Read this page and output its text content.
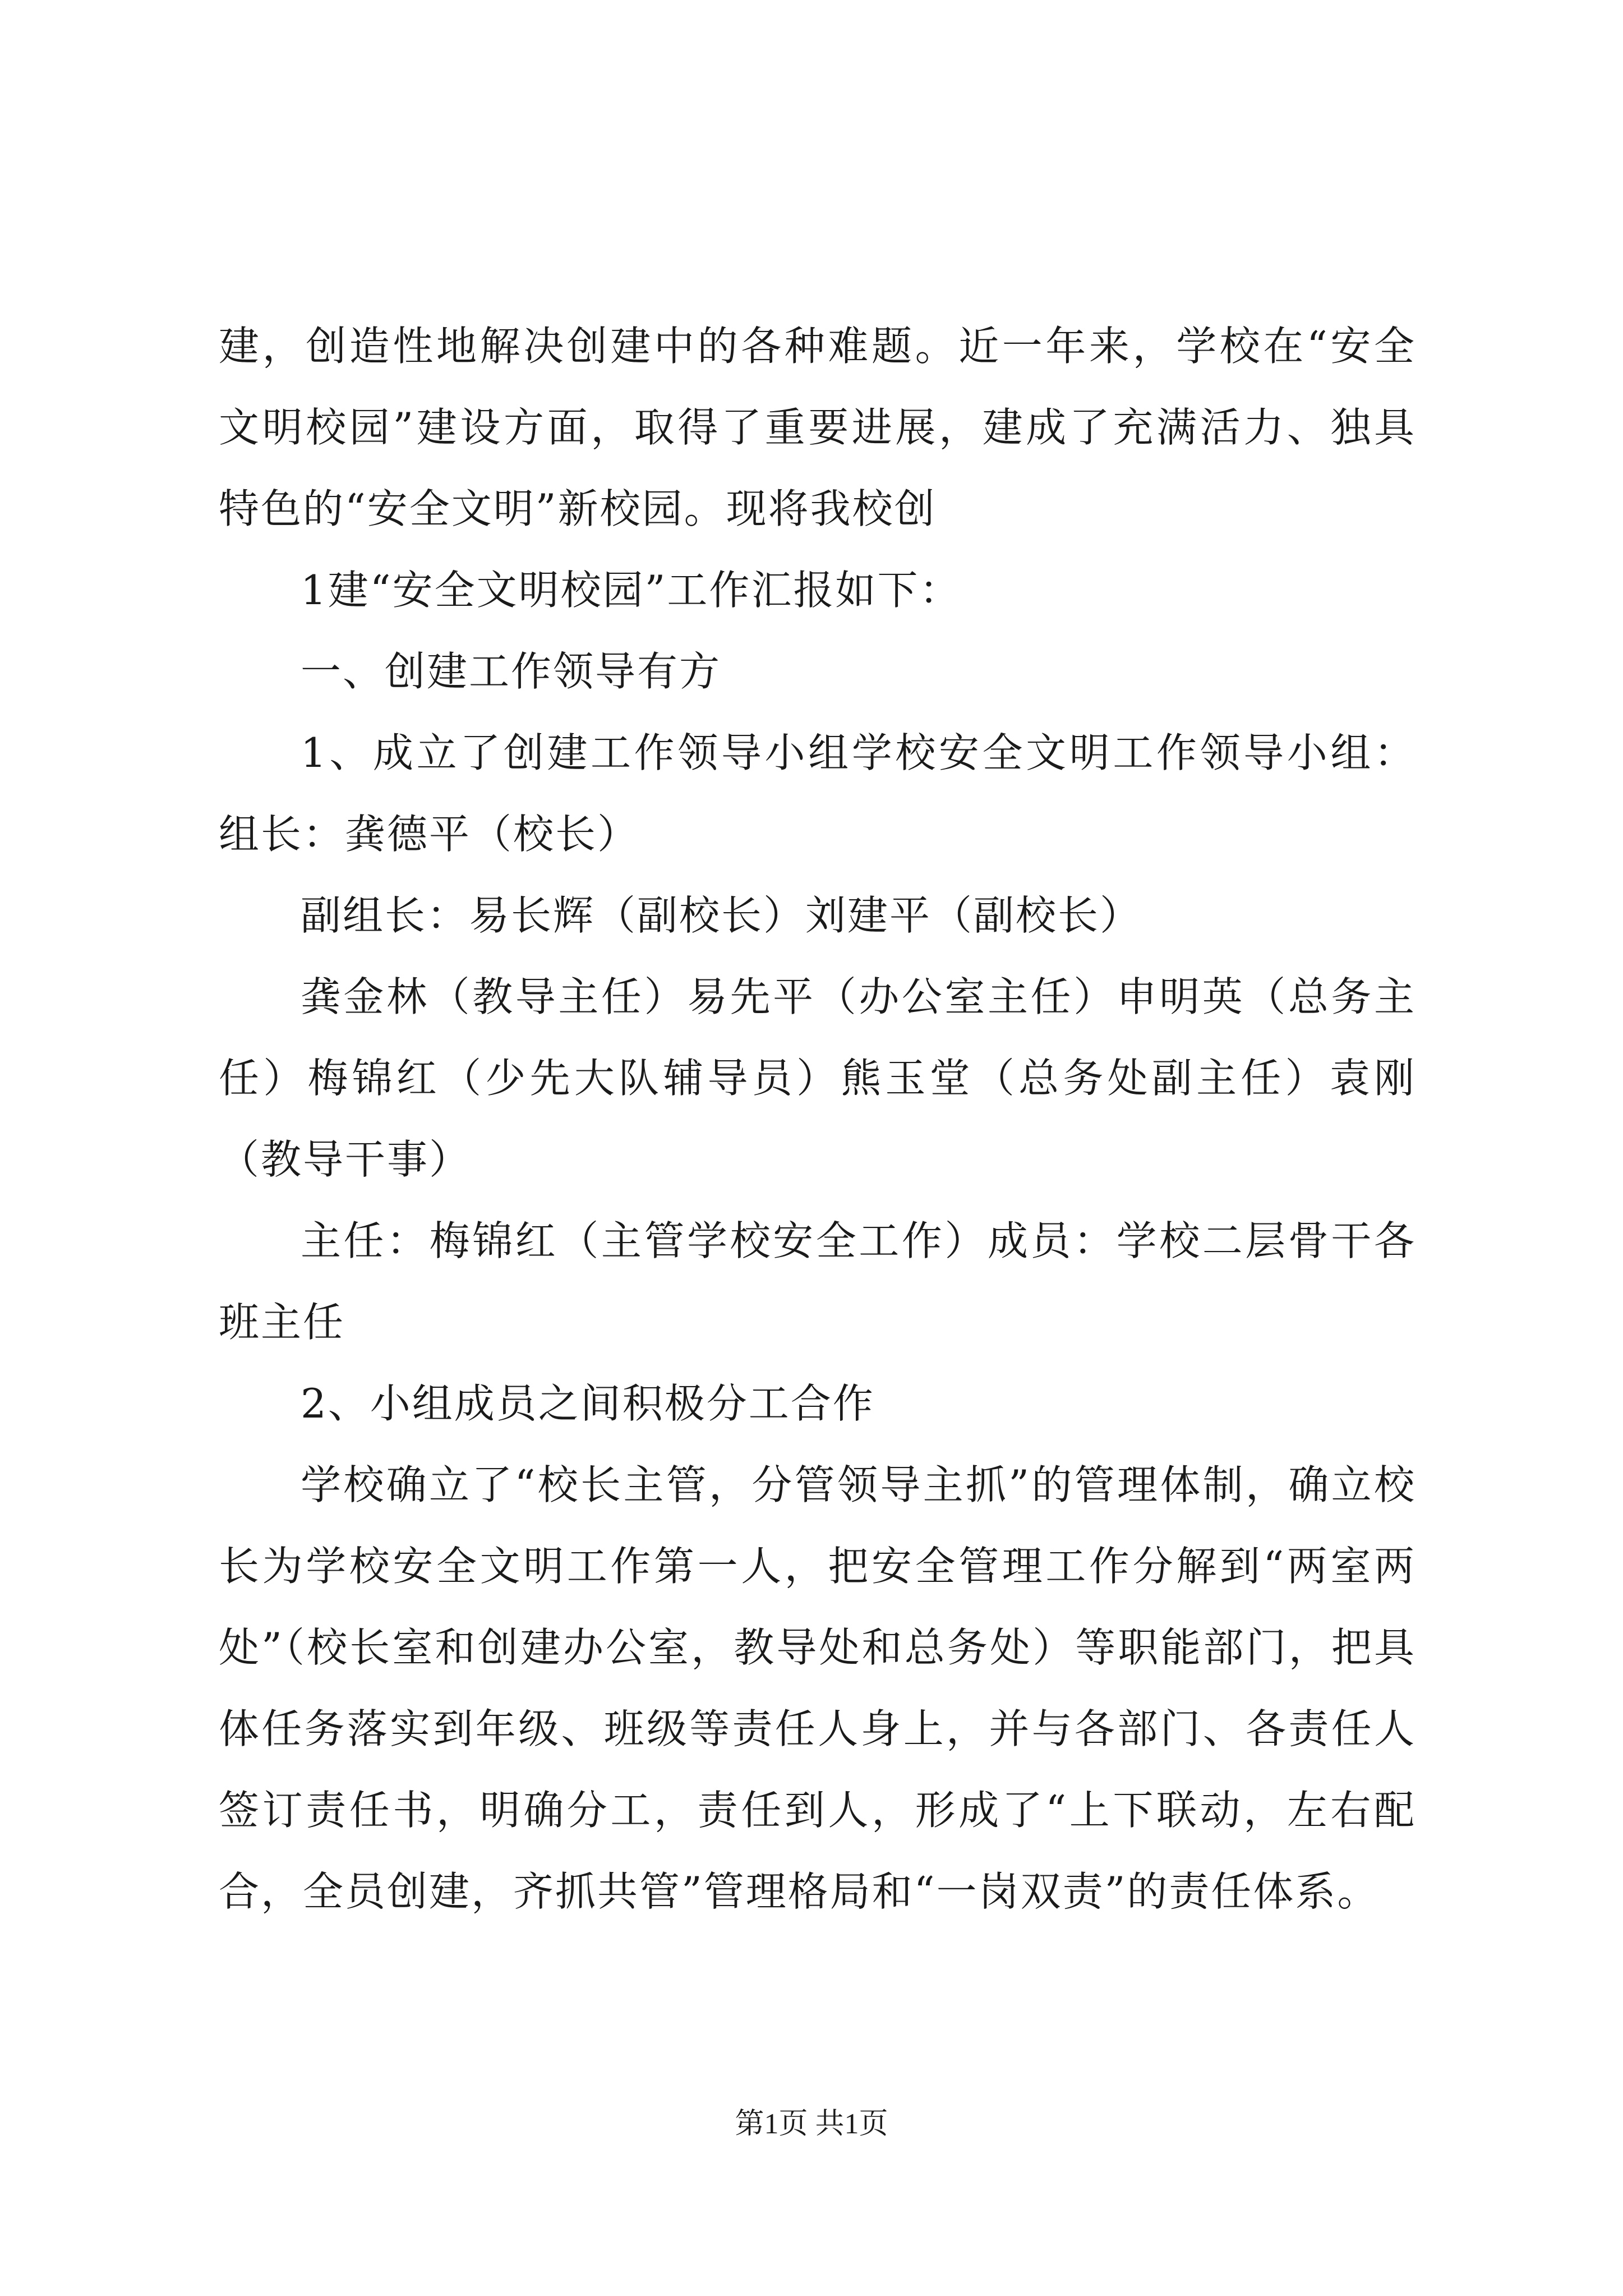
建，创造性地解决创建中的各种难题。近一年来，学校在“安全文明校园”建设方面，取得了重要进展，建成了充满活力、独具特色的“安全文明”新校园。现将我校创

1建“安全文明校园”工作汇报如下：

一、创建工作领导有方

1、成立了创建工作领导小组学校安全文明工作领导小组：组长：龚德平（校长）

副组长：易长辉（副校长）刘建平（副校长）

龚金林（教导主任）易先平（办公室主任）申明英（总务主任）梅锦红（少先大队辅导员）熊玉堂（总务处副主任）袁刚（教导干事）

主任：梅锦红（主管学校安全工作）成员：学校二层骨干各班主任

2、小组成员之间积极分工合作

学校确立了“校长主管，分管领导主抓”的管理体制，确立校长为学校安全文明工作第一人，把安全管理工作分解到“两室两处”（校长室和创建办公室，教导处和总务处）等职能部门，把具体任务落实到年级、班级等责任人身上，并与各部门、各责任人签订责任书，明确分工，责任到人，形成了“上下联动，左右配合，全员创建，齐抓共管”管理格局和“一岗双责”的责任体系。

第1页 共1页
